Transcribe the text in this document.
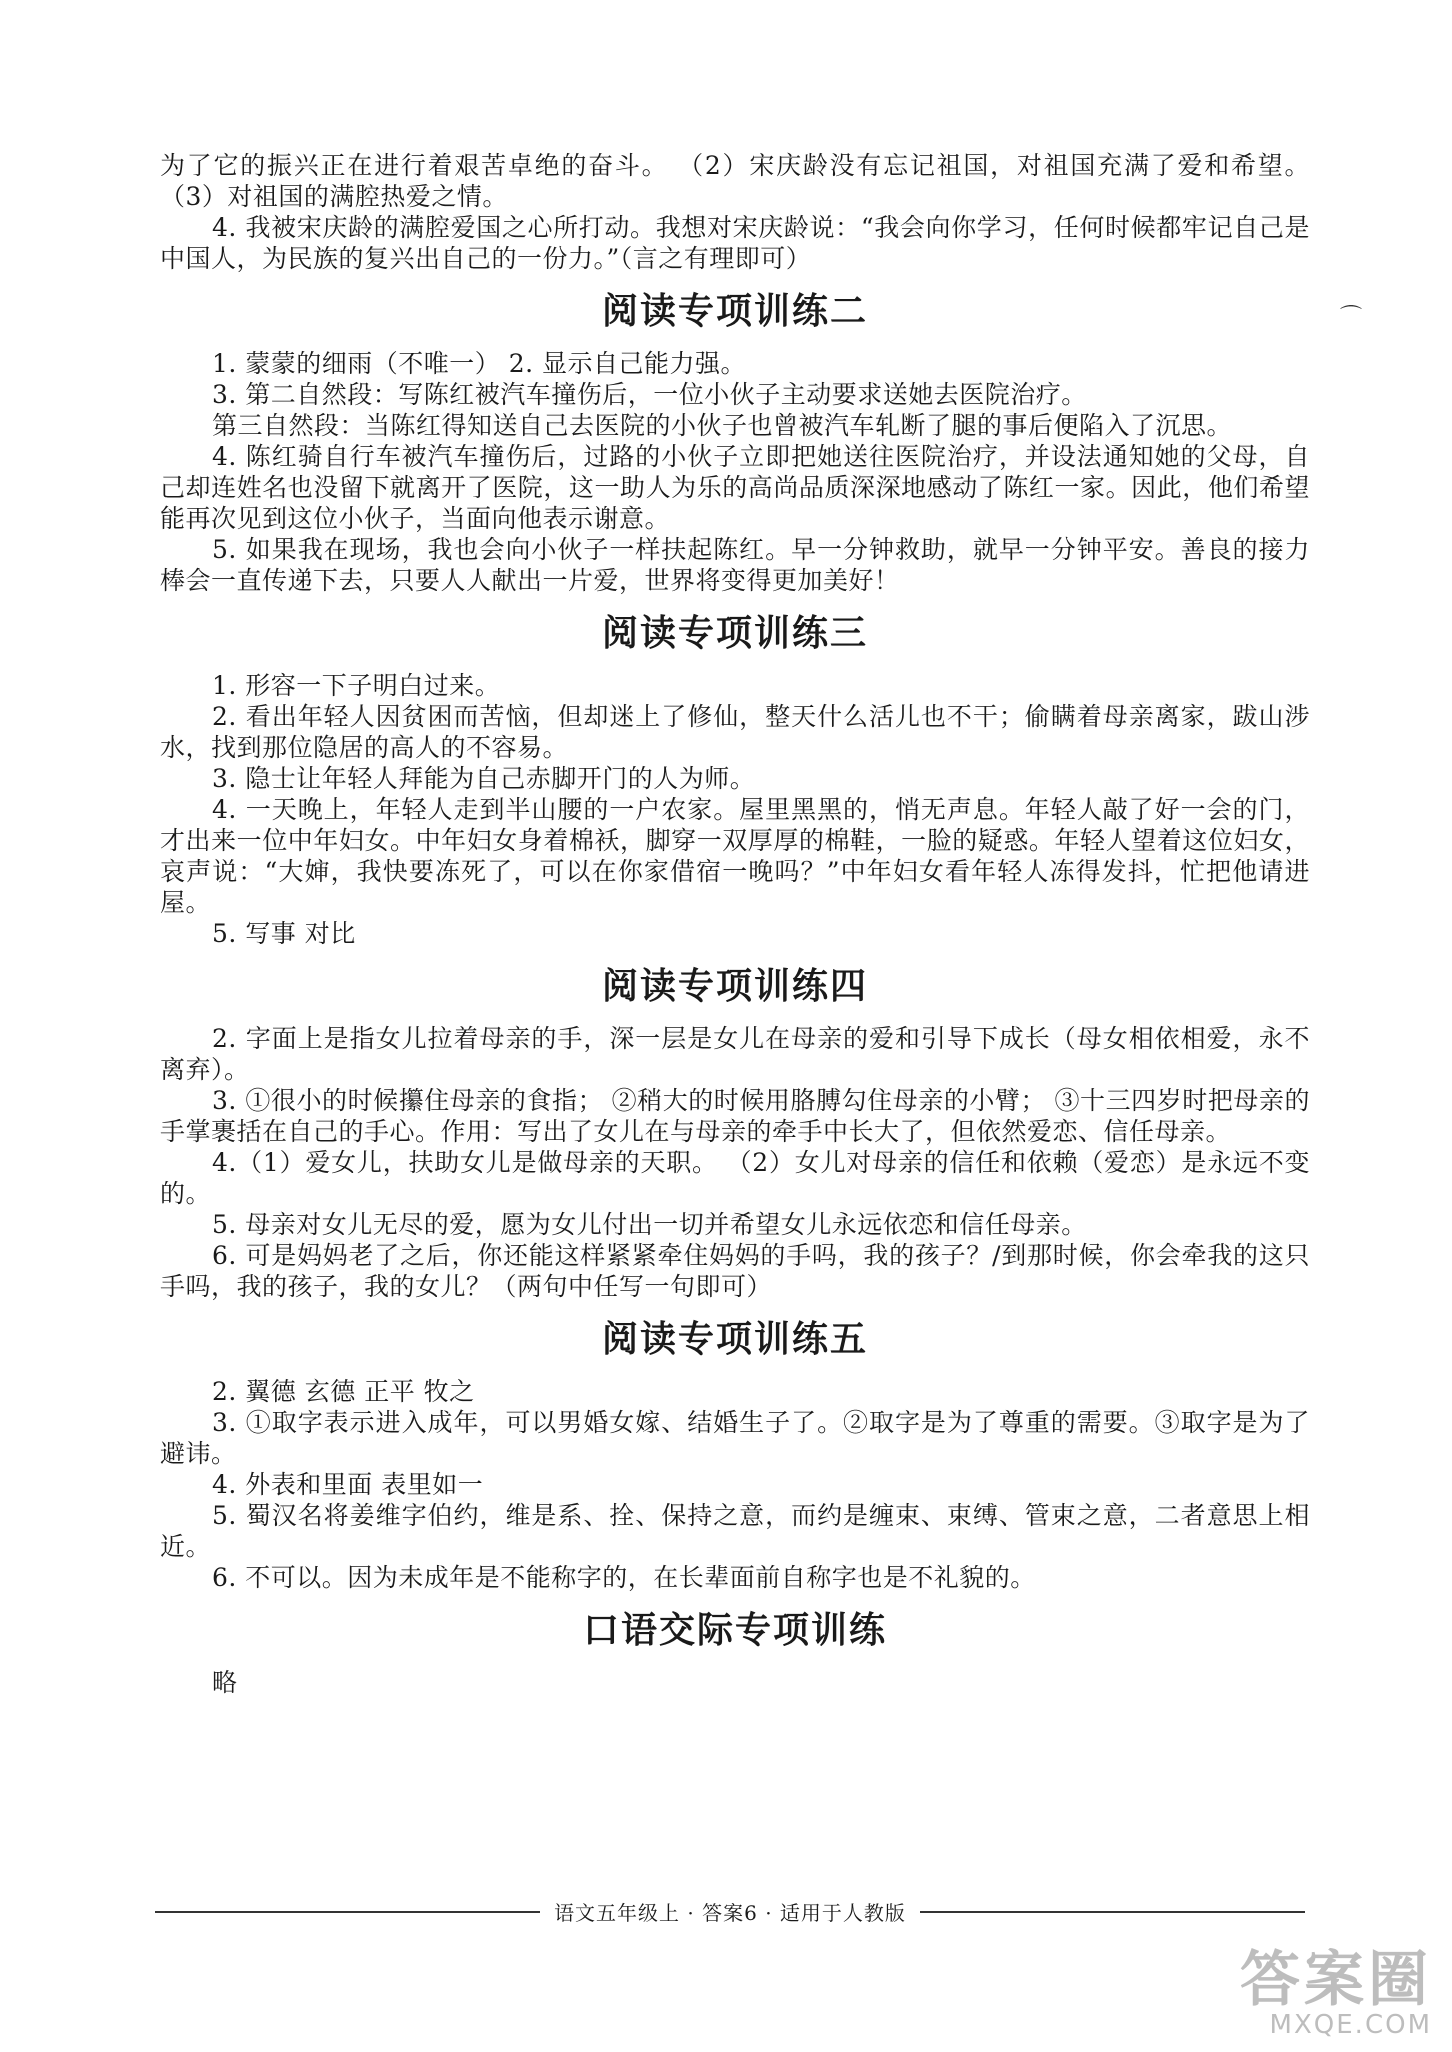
为了它的振兴正在进行着艰苦卓绝的奋斗。 （2）宋庆龄没有忘记祖国，对祖国充满了爱和希望。 （3）对祖国的满腔热爱之情。

4. 我被宋庆龄的满腔爱国之心所打动。我想对宋庆龄说：“我会向你学习，任何时候都牢记自己是中国人，为民族的复兴出自己的一份力。”（言之有理即可）

阅读专项训练二

1. 蒙蒙的细雨（不唯一） 2. 显示自己能力强。

3. 第二自然段：写陈红被汽车撞伤后，一位小伙子主动要求送她去医院治疗。

第三自然段：当陈红得知送自己去医院的小伙子也曾被汽车轧断了腿的事后便陷入了沉思。

4. 陈红骑自行车被汽车撞伤后，过路的小伙子立即把她送往医院治疗，并设法通知她的父母，自己却连姓名也没留下就离开了医院，这一助人为乐的高尚品质深深地感动了陈红一家。因此，他们希望能再次见到这位小伙子，当面向他表示谢意。

5. 如果我在现场，我也会向小伙子一样扶起陈红。早一分钟救助，就早一分钟平安。善良的接力棒会一直传递下去，只要人人献出一片爱，世界将变得更加美好！

阅读专项训练三

1. 形容一下子明白过来。

2. 看出年轻人因贫困而苦恼，但却迷上了修仙，整天什么活儿也不干；偷瞒着母亲离家，跋山涉水，找到那位隐居的高人的不容易。

3. 隐士让年轻人拜能为自己赤脚开门的人为师。

4. 一天晚上，年轻人走到半山腰的一户农家。屋里黑黑的，悄无声息。年轻人敲了好一会的门，才出来一位中年妇女。中年妇女身着棉袄，脚穿一双厚厚的棉鞋，一脸的疑惑。年轻人望着这位妇女，哀声说：“大婶，我快要冻死了，可以在你家借宿一晚吗？”中年妇女看年轻人冻得发抖，忙把他请进屋。

5. 写事 对比

阅读专项训练四

2. 字面上是指女儿拉着母亲的手，深一层是女儿在母亲的爱和引导下成长（母女相依相爱，永不离弃）。

3. ①很小的时候攥住母亲的食指； ②稍大的时候用胳膊勾住母亲的小臂； ③十三四岁时把母亲的手掌裹括在自己的手心。作用：写出了女儿在与母亲的牵手中长大了，但依然爱恋、信任母亲。

4.（1）爱女儿，扶助女儿是做母亲的天职。 （2）女儿对母亲的信任和依赖（爱恋）是永远不变的。

5. 母亲对女儿无尽的爱，愿为女儿付出一切并希望女儿永远依恋和信任母亲。

6. 可是妈妈老了之后，你还能这样紧紧牵住妈妈的手吗，我的孩子？/到那时候，你会牵我的这只手吗，我的孩子，我的女儿？（两句中任写一句即可）

阅读专项训练五

2. 翼德 玄德 正平 牧之

3. ①取字表示进入成年，可以男婚女嫁、结婚生子了。②取字是为了尊重的需要。③取字是为了避讳。

4. 外表和里面 表里如一

5. 蜀汉名将姜维字伯约，维是系、拴、保持之意，而约是缠束、束缚、管束之意，二者意思上相近。

6. 不可以。因为未成年是不能称字的，在长辈面前自称字也是不礼貌的。

口语交际专项训练

略

⌒
语文五年级上 · 答案6 · 适用于人教版
答案圈
MXQE.COM
